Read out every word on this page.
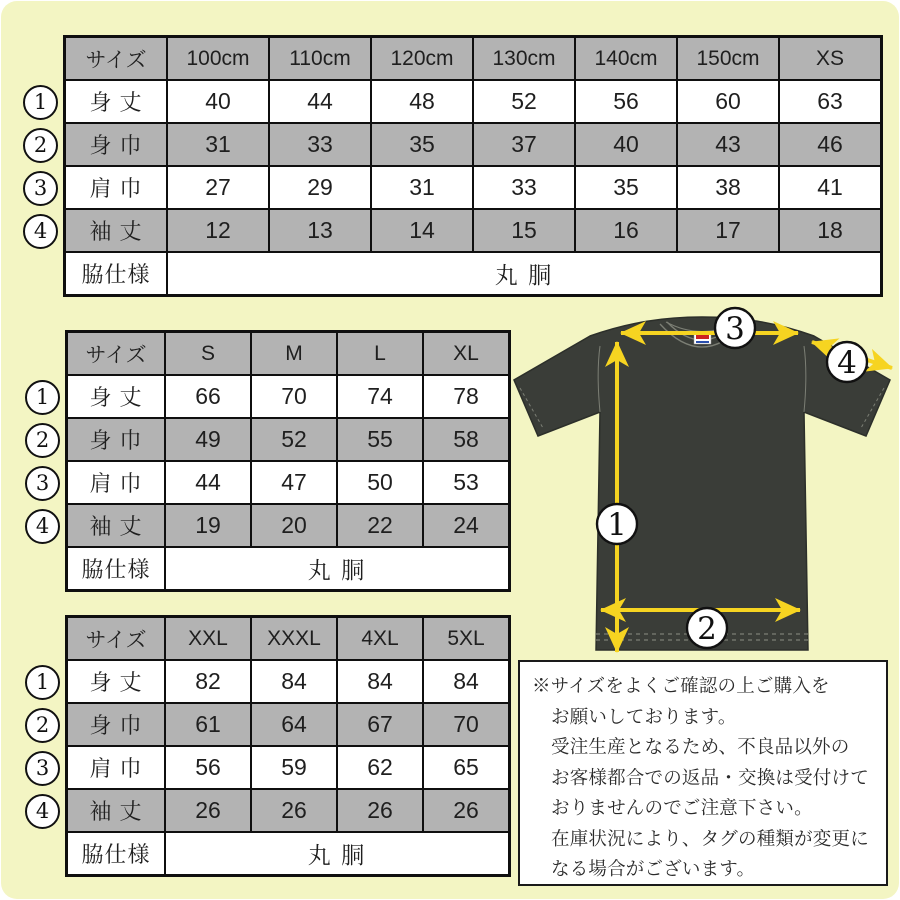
サイズ	100cm	110cm	120cm	130cm	140cm	150cm	XS
身 丈	40	44	48	52	56	60	63
身 巾	31	33	35	37	40	43	46
肩 巾	27	29	31	33	35	38	41
袖 丈	12	13	14	15	16	17	18
脇仕様	丸 胴						
1
2
3
4
サイズ	S	M	L	XL
身 丈	66	70	74	78
身 巾	49	52	55	58
肩 巾	44	47	50	53
袖 丈	19	20	22	24
脇仕様	丸 胴			
1
2
3
4
サイズ	XXL	XXXL	4XL	5XL
身 丈	82	84	84	84
身 巾	61	64	67	70
肩 巾	56	59	62	65
袖 丈	26	26	26	26
脇仕様	丸 胴			
1
2
3
4
3
4
1
2

※サイズをよくご確認の上ご購入を

お願いしております。

受注生産となるため、不良品以外の

お客様都合での返品・交換は受付けて

おりませんのでご注意下さい。

在庫状況により、タグの種類が変更に

なる場合がございます。
